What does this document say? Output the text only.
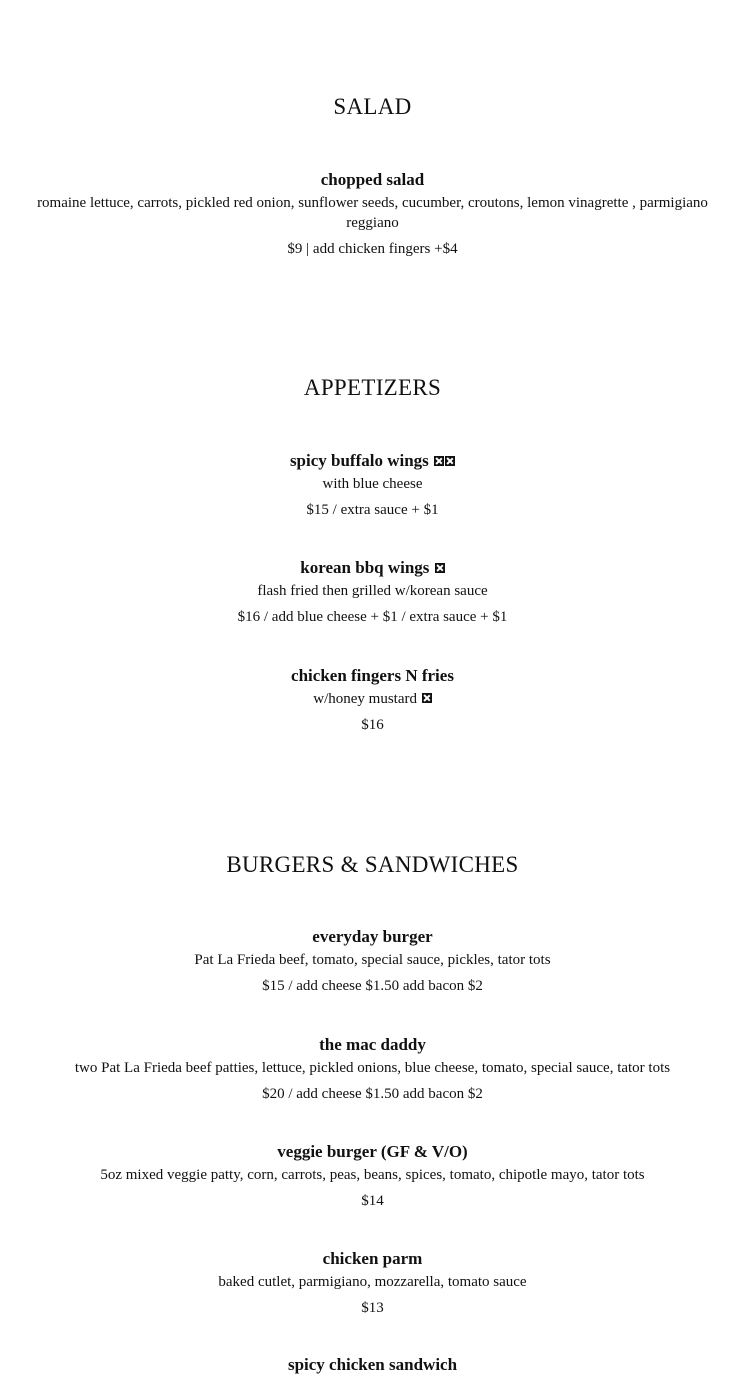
SALAD

chopped salad

romaine lettuce, carrots, pickled red onion, sunflower seeds, cucumber, croutons, lemon vinagrette , parmigiano reggiano

$9 | add chicken fingers +$4

APPETIZERS

spicy buffalo wings

with blue cheese

$15 / extra sauce + $1

korean bbq wings

flash fried then grilled w/korean sauce

$16 / add blue cheese + $1 / extra sauce + $1

chicken fingers N fries

w/honey mustard

$16

BURGERS & SANDWICHES

everyday burger

Pat La Frieda beef, tomato, special sauce, pickles, tator tots

$15 / add cheese $1.50 add bacon $2

the mac daddy

two Pat La Frieda beef patties, lettuce, pickled onions, blue cheese, tomato, special sauce, tator tots

$20 / add cheese $1.50 add bacon $2

veggie burger (GF & V/O)

5oz mixed veggie patty, corn, carrots, peas, beans, spices, tomato, chipotle mayo, tator tots

$14

chicken parm

baked cutlet, parmigiano, mozzarella, tomato sauce

$13

spicy chicken sandwich
